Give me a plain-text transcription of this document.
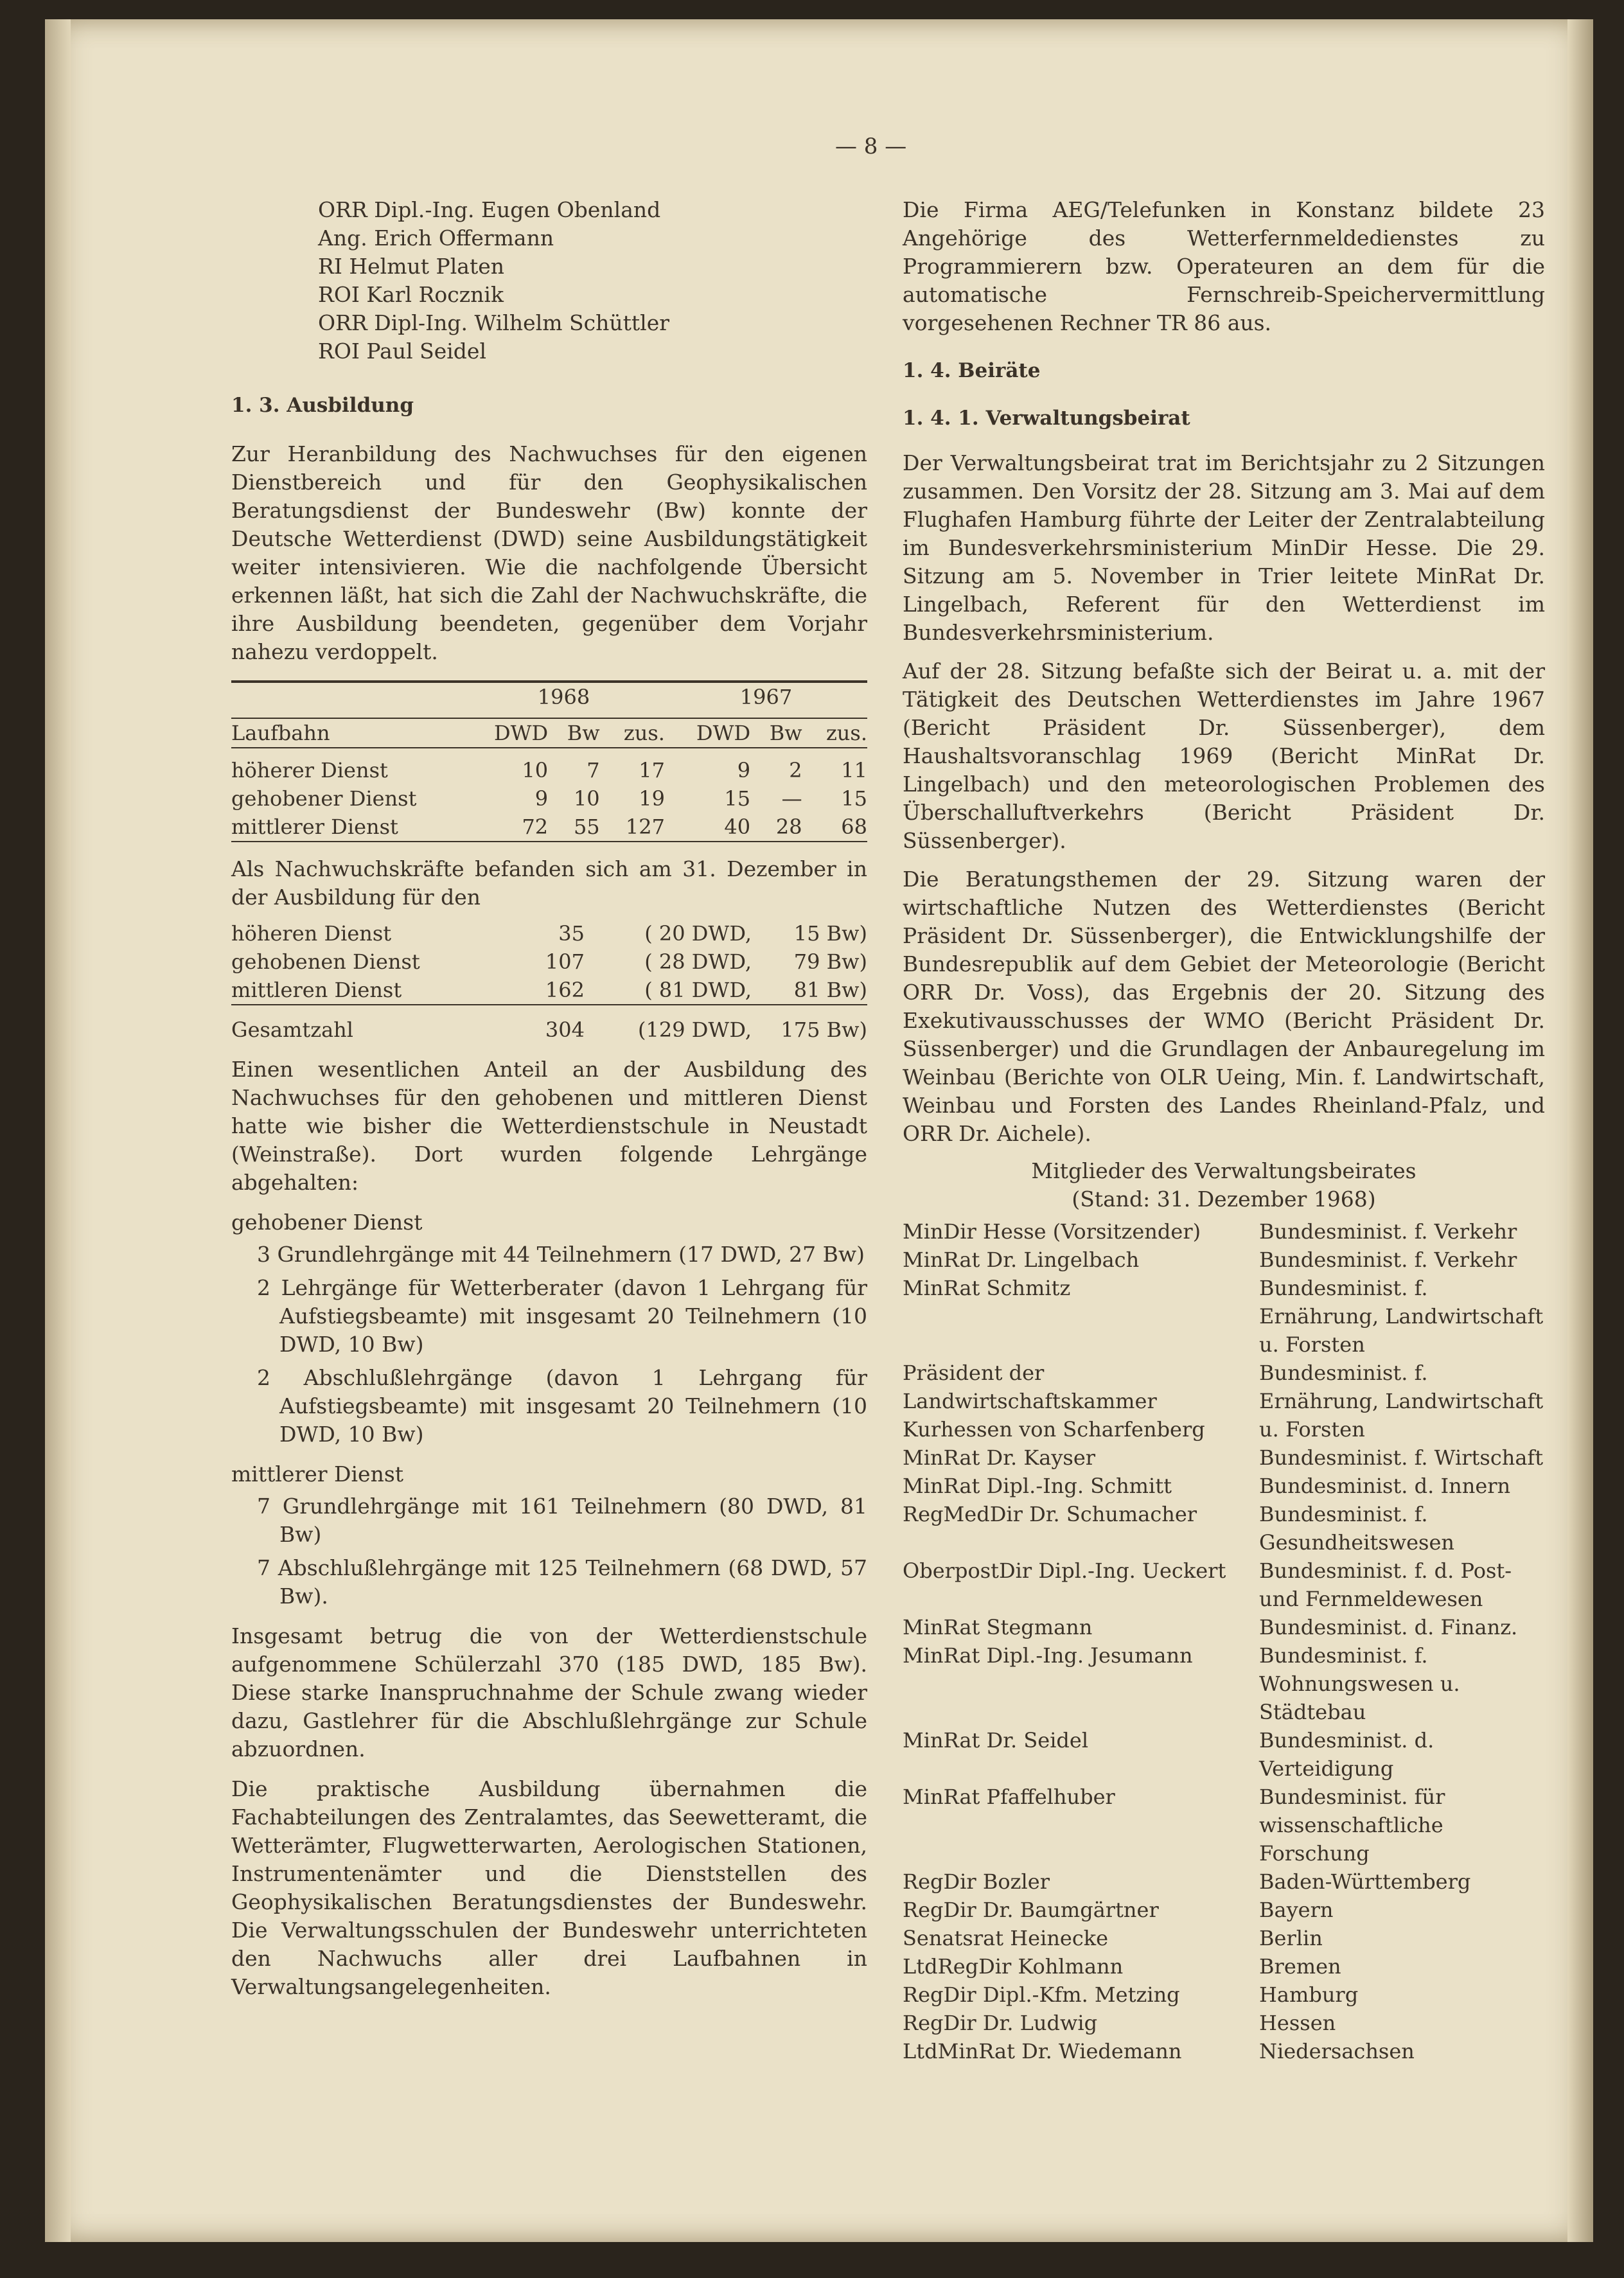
— 8 —
ORR Dipl.-Ing. Eugen Obenland
Ang. Erich Offermann
RI Helmut Platen
ROI Karl Rocznik
ORR Dipl-Ing. Wilhelm Schüttler
ROI Paul Seidel
1. 3. Ausbildung

Zur Heranbildung des Nachwuchses für den eigenen Dienstbereich und für den Geophysikalischen Beratungsdienst der Bundeswehr (Bw) konnte der Deutsche Wetterdienst (DWD) seine Ausbildungstätigkeit weiter intensivieren. Wie die nachfolgende Übersicht erkennen läßt, hat sich die Zahl der Nachwuchskräfte, die ihre Ausbildung beendeten, gegenüber dem Vorjahr nahezu verdoppelt.

	1968			1967		

Laufbahn	DWD	Bw	zus.	DWD	Bw	zus.

höherer Dienst	10	7	17	9	2	11
gehobener Dienst	9	10	19	15	—	15
mittlerer Dienst	72	55	127	40	28	68

Als Nachwuchskräfte befanden sich am 31. Dezember in der Ausbildung für den

höheren Dienst	35	( 20 DWD,	15 Bw)
gehobenen Dienst	107	( 28 DWD,	79 Bw)
mittleren Dienst	162	( 81 DWD,	81 Bw)

Gesamtzahl	304	(129 DWD,	175 Bw)

Einen wesentlichen Anteil an der Ausbildung des Nachwuchses für den gehobenen und mittleren Dienst hatte wie bisher die Wetterdienstschule in Neustadt (Weinstraße). Dort wurden folgende Lehrgänge abgehalten:

gehobener Dienst
3 Grundlehrgänge mit 44 Teilnehmern (17 DWD, 27 Bw)
2 Lehrgänge für Wetterberater (davon 1 Lehrgang für Aufstiegsbeamte) mit insgesamt 20 Teilnehmern (10 DWD, 10 Bw)
2 Abschlußlehrgänge (davon 1 Lehrgang für Aufstiegsbeamte) mit insgesamt 20 Teilnehmern (10 DWD, 10 Bw)
mittlerer Dienst
7 Grundlehrgänge mit 161 Teilnehmern (80 DWD, 81 Bw)
7 Abschlußlehrgänge mit 125 Teilnehmern (68 DWD, 57 Bw).

Insgesamt betrug die von der Wetterdienstschule aufgenommene Schülerzahl 370 (185 DWD, 185 Bw). Diese starke Inanspruchnahme der Schule zwang wieder dazu, Gastlehrer für die Abschlußlehrgänge zur Schule abzuordnen.

Die praktische Ausbildung übernahmen die Fachabteilungen des Zentralamtes, das Seewetteramt, die Wetterämter, Flugwetterwarten, Aerologischen Stationen, Instrumentenämter und die Dienststellen des Geophysikalischen Beratungsdienstes der Bundeswehr. Die Verwaltungsschulen der Bundeswehr unterrichteten den Nachwuchs aller drei Laufbahnen in Verwaltungsangelegenheiten.

Die Firma AEG/Telefunken in Konstanz bildete 23 Angehörige des Wetterfernmeldedienstes zu Programmierern bzw. Operateuren an dem für die automatische Fernschreib-Speichervermittlung vorgesehenen Rechner TR 86 aus.

1. 4. Beiräte
1. 4. 1. Verwaltungsbeirat

Der Verwaltungsbeirat trat im Berichtsjahr zu 2 Sitzungen zusammen. Den Vorsitz der 28. Sitzung am 3. Mai auf dem Flughafen Hamburg führte der Leiter der Zentralabteilung im Bundesverkehrsministerium MinDir Hesse. Die 29. Sitzung am 5. November in Trier leitete MinRat Dr. Lingelbach, Referent für den Wetterdienst im Bundesverkehrsministerium.

Auf der 28. Sitzung befaßte sich der Beirat u. a. mit der Tätigkeit des Deutschen Wetterdienstes im Jahre 1967 (Bericht Präsident Dr. Süssenberger), dem Haushaltsvoranschlag 1969 (Bericht MinRat Dr. Lingelbach) und den meteorologischen Problemen des Überschalluftverkehrs (Bericht Präsident Dr. Süssenberger).

Die Beratungsthemen der 29. Sitzung waren der wirtschaftliche Nutzen des Wetterdienstes (Bericht Präsident Dr. Süssenberger), die Entwicklungshilfe der Bundesrepublik auf dem Gebiet der Meteorologie (Bericht ORR Dr. Voss), das Ergebnis der 20. Sitzung des Exekutivausschusses der WMO (Bericht Präsident Dr. Süssenberger) und die Grundlagen der Anbauregelung im Weinbau (Berichte von OLR Ueing, Min. f. Landwirtschaft, Weinbau und Forsten des Landes Rheinland-Pfalz, und ORR Dr. Aichele).

Mitglieder des Verwaltungsbeirates
(Stand: 31. Dezember 1968)
MinDir Hesse (Vorsitzender)	Bundesminist. f. Verkehr
MinRat Dr. Lingelbach	Bundesminist. f. Verkehr
MinRat Schmitz	Bundesminist. f. Ernährung, Landwirtschaft u. Forsten
Präsident der Landwirtschaftskammer Kurhessen von Scharfenberg	Bundesminist. f. Ernährung, Landwirtschaft u. Forsten
MinRat Dr. Kayser	Bundesminist. f. Wirtschaft
MinRat Dipl.-Ing. Schmitt	Bundesminist. d. Innern
RegMedDir Dr. Schumacher	Bundesminist. f. Gesundheitswesen
OberpostDir Dipl.-Ing. Ueckert	Bundesminist. f. d. Post- und Fernmeldewesen
MinRat Stegmann	Bundesminist. d. Finanz.
MinRat Dipl.-Ing. Jesumann	Bundesminist. f. Wohnungswesen u. Städtebau
MinRat Dr. Seidel	Bundesminist. d. Verteidigung
MinRat Pfaffelhuber	Bundesminist. für wissenschaftliche Forschung
RegDir Bozler	Baden-Württemberg
RegDir Dr. Baumgärtner	Bayern
Senatsrat Heinecke	Berlin
LtdRegDir Kohlmann	Bremen
RegDir Dipl.-Kfm. Metzing	Hamburg
RegDir Dr. Ludwig	Hessen
LtdMinRat Dr. Wiedemann	Niedersachsen
